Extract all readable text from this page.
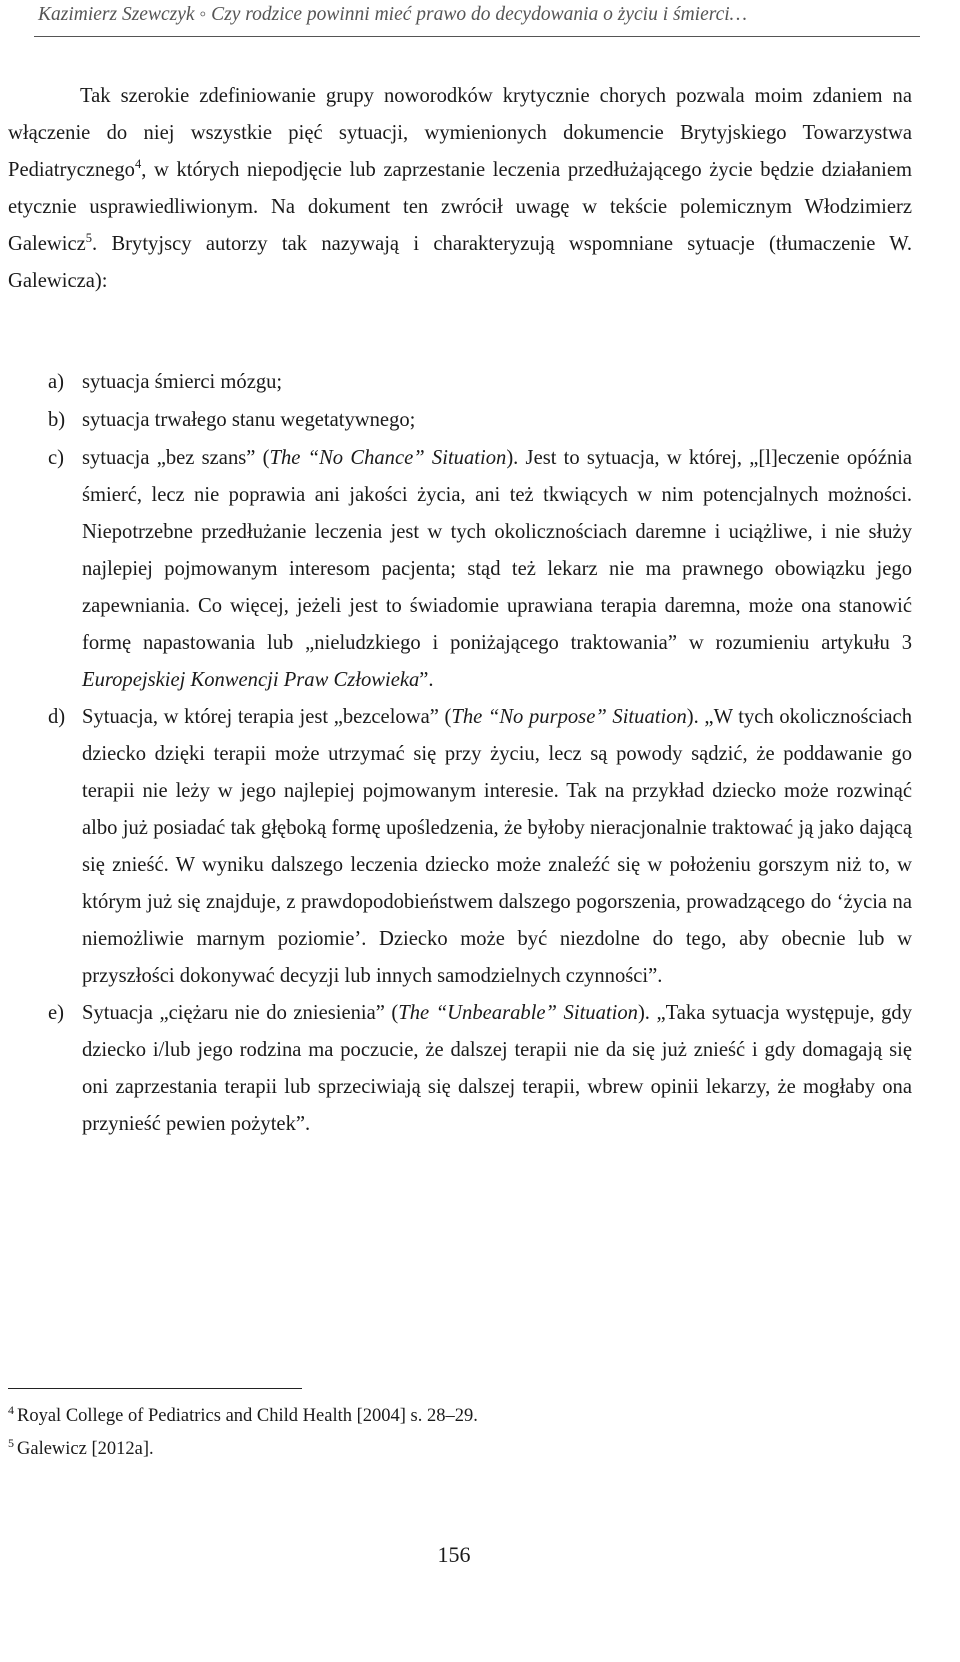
Kazimierz Szewczyk ◦ Czy rodzice powinni mieć prawo do decydowania o życiu i śmierci…

Tak szerokie zdefiniowanie grupy noworodków krytycznie chorych pozwala moim zdaniem na włączenie do niej wszystkie pięć sytuacji, wymienionych dokumencie Brytyjskiego Towarzystwa Pediatrycznego$^4$, w których niepodjęcie lub zaprzestanie leczenia przedłużającego życie będzie działaniem etycznie usprawiedliwionym. Na dokument ten zwrócił uwagę w tekście polemicznym Włodzimierz Galewicz$^5$. Brytyjscy autorzy tak nazywają i charakteryzują wspomniane sytuacje (tłumaczenie W. Galewicza):

a) sytuacja śmierci mózgu;
b) sytuacja trwałego stanu wegetatywnego;
c) sytuacja „bez szans” (The “No Chance” Situation). Jest to sytuacja, w której, „[l]eczenie opóźnia śmierć, lecz nie poprawia ani jakości życia, ani też tkwiących w nim potencjalnych możności. Niepotrzebne przedłużanie leczenia jest w tych okolicznościach daremne i uciążliwe, i nie służy najlepiej pojmowanym interesom pacjenta; stąd też lekarz nie ma prawnego obowiązku jego zapewniania. Co więcej, jeżeli jest to świadomie uprawiana terapia daremna, może ona stanowić formę napastowania lub „nieludzkiego i poniżającego traktowania” w rozumieniu artykułu 3 Europejskiej Konwencji Praw Człowieka”.
d) Sytuacja, w której terapia jest „bezcelowa” (The “No purpose” Situation). „W tych okolicznościach dziecko dzięki terapii może utrzymać się przy życiu, lecz są powody sądzić, że poddawanie go terapii nie leży w jego najlepiej pojmowanym interesie. Tak na przykład dziecko może rozwinąć albo już posiadać tak głęboką formę upośledzenia, że byłoby nieracjonalnie traktować ją jako dającą się znieść. W wyniku dalszego leczenia dziecko może znaleźć się w położeniu gorszym niż to, w którym już się znajduje, z prawdopodobieństwem dalszego pogorszenia, prowadzącego do ‘życia na niemożliwie marnym poziomie’. Dziecko może być niezdolne do tego, aby obecnie lub w przyszłości dokonywać decyzji lub innych samodzielnych czynności”.
e) Sytuacja „ciężaru nie do zniesienia” (The “Unbearable” Situation). „Taka sytuacja występuje, gdy dziecko i/lub jego rodzina ma poczucie, że dalszej terapii nie da się już znieść i gdy domagają się oni zaprzestania terapii lub sprzeciwiają się dalszej terapii, wbrew opinii lekarzy, że mogłaby ona przynieść pewien pożytek”.
$^4$ Royal College of Pediatrics and Child Health [2004] s. 28–29.
$^5$ Galewicz [2012a].
156
